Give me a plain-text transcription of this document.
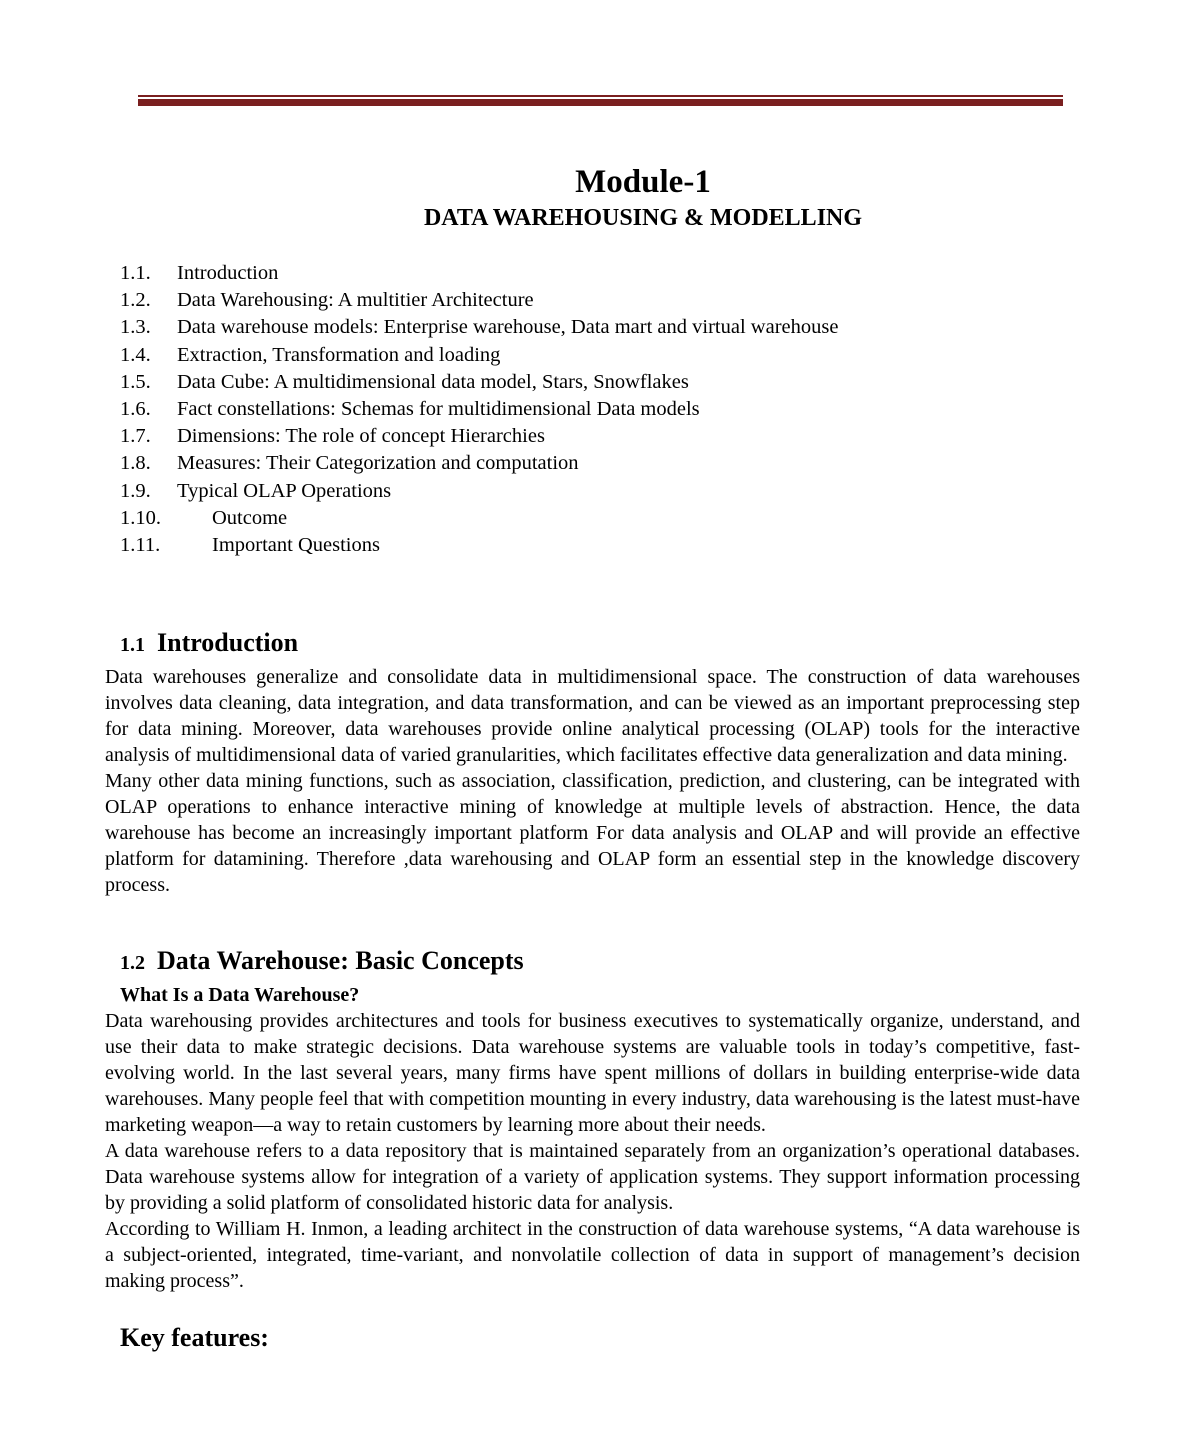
Module-1
DATA WAREHOUSING & MODELLING
1.1. Introduction
1.2. Data Warehousing: A multitier Architecture
1.3. Data warehouse models: Enterprise warehouse, Data mart and virtual warehouse
1.4. Extraction, Transformation and loading
1.5. Data Cube: A multidimensional data model, Stars, Snowflakes
1.6. Fact constellations: Schemas for multidimensional Data models
1.7. Dimensions: The role of concept Hierarchies
1.8. Measures: Their Categorization and computation
1.9. Typical OLAP Operations
1.10. Outcome
1.11.	Important Questions
1.1 Introduction

Data warehouses generalize and consolidate data in multidimensional space. The construction of data warehouses involves data cleaning, data integration, and data transformation, and can be viewed as an important preprocessing step for data mining. Moreover, data warehouses provide online analytical processing (OLAP) tools for the interactive analysis of multidimensional data of varied granularities, which facilitates effective data generalization and data mining.

Many other data mining functions, such as association, classification, prediction, and clustering, can be integrated with OLAP operations to enhance interactive mining of knowledge at multiple levels of abstraction. Hence, the data warehouse has become an increasingly important platform For data analysis and OLAP and will provide an effective platform for datamining. Therefore ,data warehousing and OLAP form an essential step in the knowledge discovery process.

1.2 Data Warehouse: Basic Concepts
What Is a Data Warehouse?

Data warehousing provides architectures and tools for business executives to systematically organize, understand, and use their data to make strategic decisions. Data warehouse systems are valuable tools in today’s competitive, fast-evolving world. In the last several years, many firms have spent millions of dollars in building enterprise-wide data warehouses. Many people feel that with competition mounting in every industry, data warehousing is the latest must-have marketing weapon—a way to retain customers by learning more about their needs.

A data warehouse refers to a data repository that is maintained separately from an organization’s operational databases. Data warehouse systems allow for integration of a variety of application systems. They support information processing by providing a solid platform of consolidated historic data for analysis.

According to William H. Inmon, a leading architect in the construction of data warehouse systems, “A data warehouse is a subject-oriented, integrated, time-variant, and nonvolatile collection of data in support of management’s decision making process”.

Key features:
